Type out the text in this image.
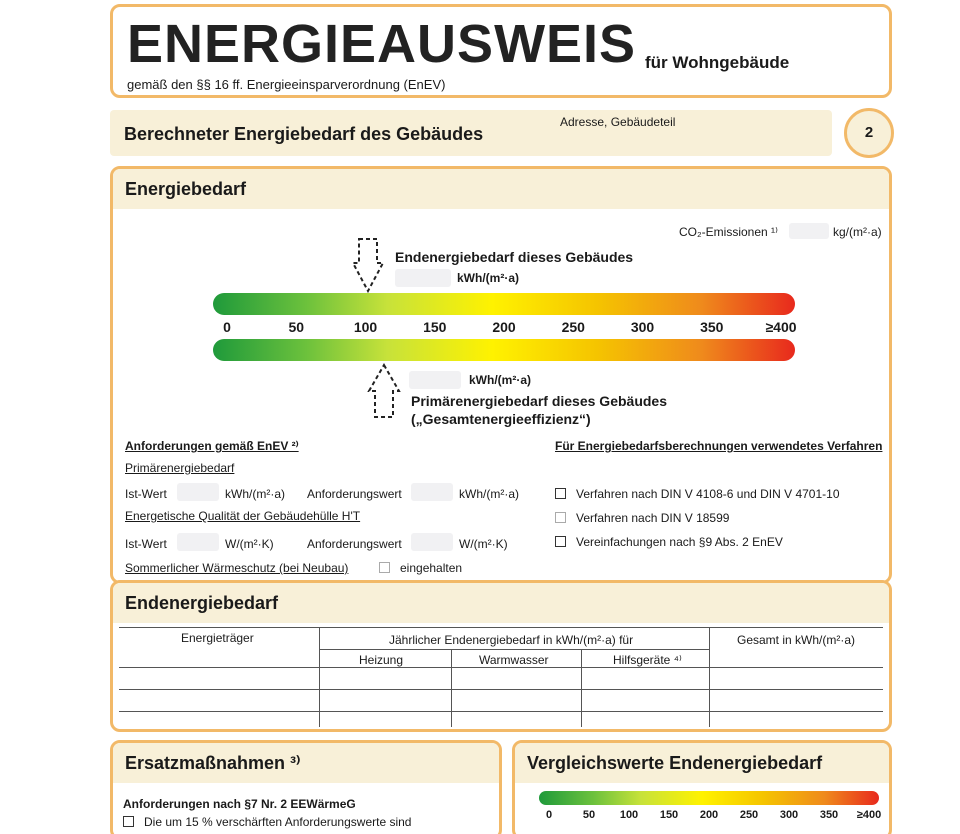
ENERGIEAUSWEIS für Wohngebäude
gemäß den §§ 16 ff. Energieeinsparverordnung (EnEV)
Berechneter Energiebedarf des Gebäudes
Adresse, Gebäudeteil
2
Energiebedarf
CO₂-Emissionen ¹⁾	kg/(m²·a)
Endenergiebedarf dieses Gebäudes
kWh/(m²·a)
0	50	100	150	200	250	300	350	≥400
kWh/(m²·a)
Primärenergiebedarf dieses Gebäudes
(„Gesamtenergieeffizienz“)
Anforderungen gemäß EnEV ²⁾
Primärenergiebedarf
Ist-Wert	kWh/(m²·a) Anforderungswert	kWh/(m²·a)
Energetische Qualität der Gebäudehülle H'T
Ist-Wert	W/(m²·K)	Anforderungswert	W/(m²·K)
Sommerlicher Wärmeschutz (bei Neubau)	eingehalten
Für Energiebedarfsberechnungen verwendetes Verfahren
Verfahren nach DIN V 4108-6 und DIN V 4701-10
Verfahren nach DIN V 18599
Vereinfachungen nach §9 Abs. 2 EnEV
Endenergiebedarf
Energieträger	Jährlicher Endenergiebedarf in kWh/(m²·a) für
Heizung	Warmwasser	Hilfsgeräte ⁴⁾
Gesamt in kWh/(m²·a)
Ersatzmaßnahmen ³⁾
Anforderungen nach §7 Nr. 2 EEWärmeG
Die um 15 % verschärften Anforderungswerte sind
Vergleichswerte Endenergiebedarf
0	50 100 150 200 250 300 350 ≥400
